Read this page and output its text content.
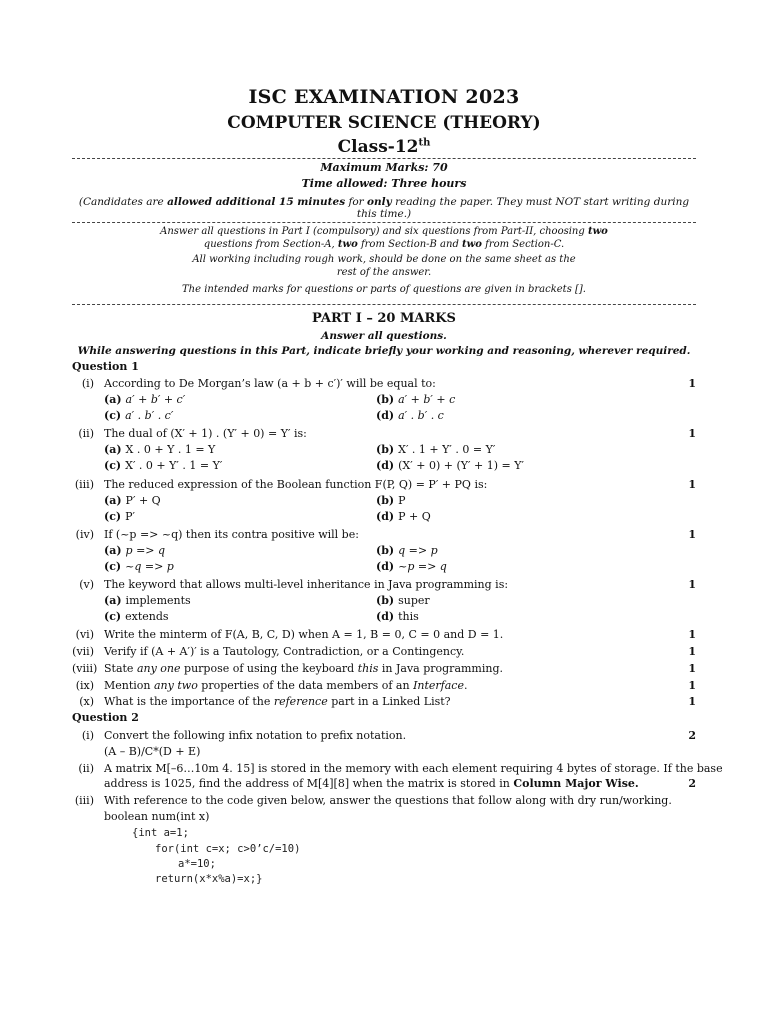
ISC EXAMINATION 2023
COMPUTER SCIENCE (THEORY)
Class-12th
Maximum Marks: 70
Time allowed: Three hours
(Candidates are allowed additional 15 minutes for only reading the paper. They must NOT start writing during this time.)
Answer all questions in Part I (compulsory) and six questions from Part-II, choosing two
questions from Section-A, two from Section-B and two from Section-C.
All working including rough work, should be done on the same sheet as the
rest of the answer.
The intended marks for questions or parts of questions are given in brackets [].
PART I – 20 MARKS
Answer all questions.
While answering questions in this Part, indicate briefly your working and reasoning, wherever required.
Question 1
(i) According to De Morgan’s law (a + b + c′)′ will be equal to:	1
(a) a′ + b′ + c′	(b) a′ + b′ + c
(c) a′ . b′ . c′	(d) a′ . b′ . c
(ii) The dual of (X′ + 1) . (Y′ + 0) = Y′ is:	1
(a) X . 0 + Y . 1 = Y	(b) X′ . 1 + Y′ . 0 = Y′
(c) X′ . 0 + Y′ . 1 = Y′	(d) (X′ + 0) + (Y′ + 1) = Y′
(iii) The reduced expression of the Boolean function F(P, Q) = P′ + PQ is:	1
(a) P′ + Q	(b) P
(c) P′	(d) P + Q
(iv) If (~p => ~q) then its contra positive will be:	1
(a) p => q	(b) q => p
(c) ~q => p	(d) ~p => q
(v) The keyword that allows multi-level inheritance in Java programming is:	1
(a) implements	(b) super
(c) extends	(d) this
(vi) Write the minterm of F(A, B, C, D) when A = 1, B = 0, C = 0 and D = 1.	1
(vii) Verify if (A + A′)′ is a Tautology, Contradiction, or a Contingency.	1
(viii) State any one purpose of using the keyboard this in Java programming.	1
(ix) Mention any two properties of the data members of an Interface.	1
(x) What is the importance of the reference part in a Linked List?	1
Question 2
(i) Convert the following infix notation to prefix notation.	2
(A – B)/C*(D + E)
(ii) A matrix M[–6…10m 4. 15] is stored in the memory with each element requiring 4 bytes of storage. If the base
address is 1025, find the address of M[4][8] when the matrix is stored in Column Major Wise.	2
(iii) With reference to the code given below, answer the questions that follow along with dry run/working.
boolean num(int x)
{int a=1;
for(int c=x; c>0’c/=10)
a*=10;
return(x*x%a)=x;}
